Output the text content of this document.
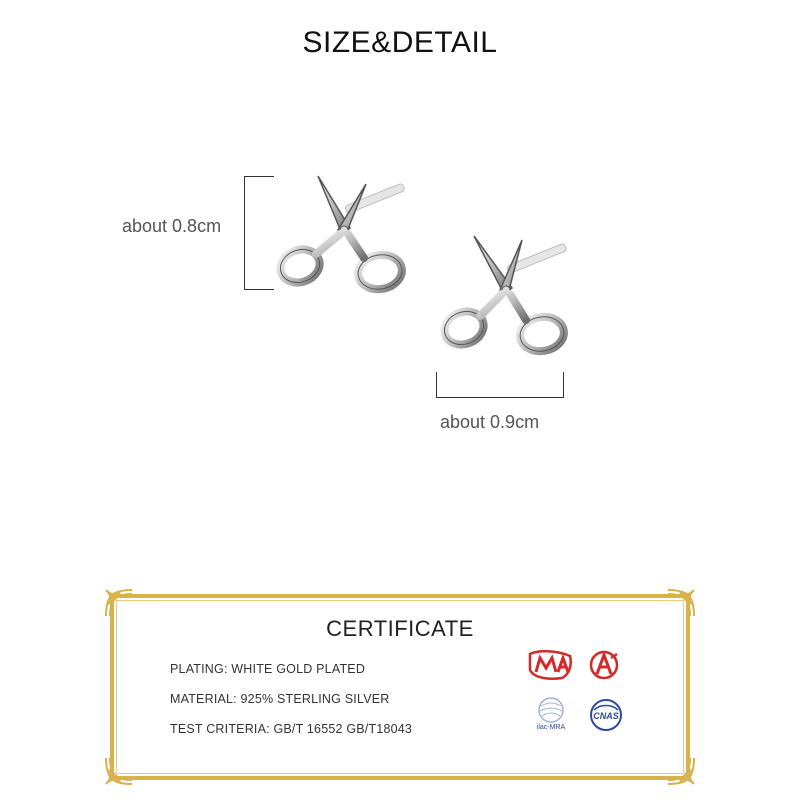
SIZE&DETAIL
about 0.8cm
about 0.9cm
CERTIFICATE
PLATING: WHITE GOLD PLATED
MATERIAL: 925% STERLING SILVER
TEST CRITERIA: GB/T 16552 GB/T18043	ilac-MRA
CNAS
